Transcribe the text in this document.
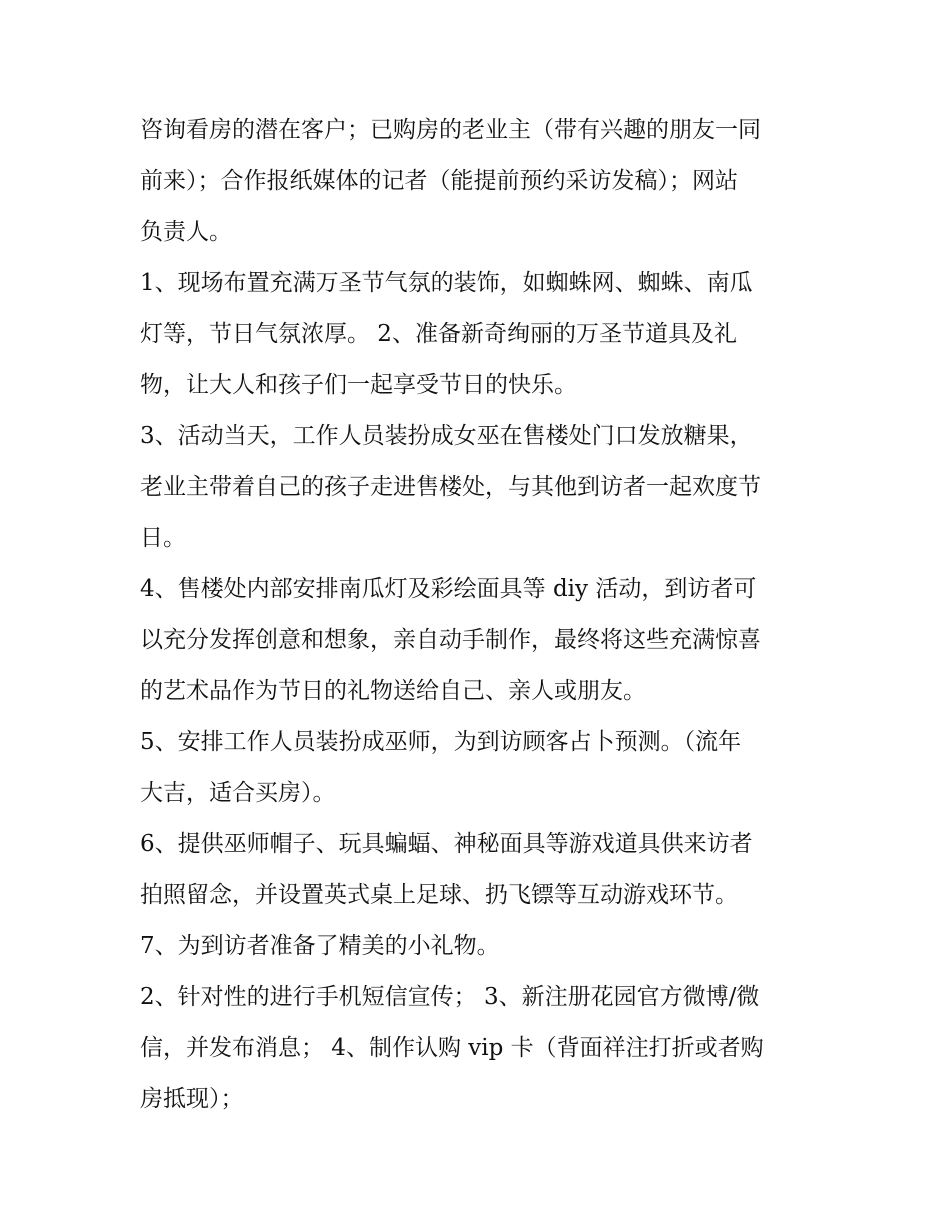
咨询看房的潜在客户；已购房的老业主（带有兴趣的朋友一同
前来）；合作报纸媒体的记者（能提前预约采访发稿）；网站
负责人。
1、现场布置充满万圣节气氛的装饰，如蜘蛛网、蜘蛛、南瓜
灯等，节日气氛浓厚。 2、准备新奇绚丽的万圣节道具及礼
物，让大人和孩子们一起享受节日的快乐。
3、活动当天，工作人员装扮成女巫在售楼处门口发放糖果，
老业主带着自己的孩子走进售楼处，与其他到访者一起欢度节
日。
4、售楼处内部安排南瓜灯及彩绘面具等 diy 活动，到访者可
以充分发挥创意和想象，亲自动手制作，最终将这些充满惊喜
的艺术品作为节日的礼物送给自己、亲人或朋友。
5、安排工作人员装扮成巫师，为到访顾客占卜预测。（流年
大吉，适合买房）。
6、提供巫师帽子、玩具蝙蝠、神秘面具等游戏道具供来访者
拍照留念，并设置英式桌上足球、扔飞镖等互动游戏环节。
7、为到访者准备了精美的小礼物。
2、针对性的进行手机短信宣传； 3、新注册花园官方微博/微
信，并发布消息； 4、制作认购 vip 卡（背面祥注打折或者购
房抵现）；
